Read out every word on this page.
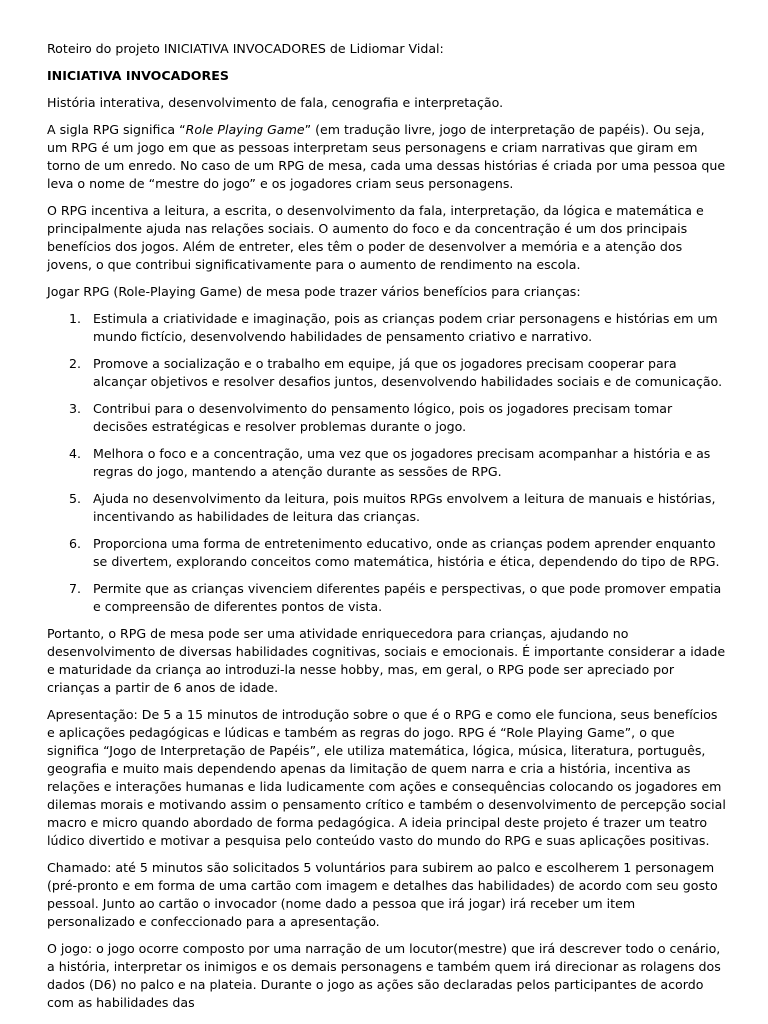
Roteiro do projeto INICIATIVA INVOCADORES de Lidiomar Vidal:

INICIATIVA INVOCADORES

História interativa, desenvolvimento de fala, cenografia e interpretação.

A sigla RPG significa “Role Playing Game” (em tradução livre, jogo de interpretação de papéis). Ou seja, um RPG é um jogo em que as pessoas interpretam seus personagens e criam narrativas que giram em torno de um enredo. No caso de um RPG de mesa, cada uma dessas histórias é criada por uma pessoa que leva o nome de “mestre do jogo” e os jogadores criam seus personagens.

O RPG incentiva a leitura, a escrita, o desenvolvimento da fala, interpretação, da lógica e matemática e principalmente ajuda nas relações sociais. O aumento do foco e da concentração é um dos principais benefícios dos jogos. Além de entreter, eles têm o poder de desenvolver a memória e a atenção dos jovens, o que contribui significativamente para o aumento de rendimento na escola.

Jogar RPG (Role-Playing Game) de mesa pode trazer vários benefícios para crianças:

1. Estimula a criatividade e imaginação, pois as crianças podem criar personagens e histórias em um mundo fictício, desenvolvendo habilidades de pensamento criativo e narrativo.
2. Promove a socialização e o trabalho em equipe, já que os jogadores precisam cooperar para alcançar objetivos e resolver desafios juntos, desenvolvendo habilidades sociais e de comunicação.
3. Contribui para o desenvolvimento do pensamento lógico, pois os jogadores precisam tomar decisões estratégicas e resolver problemas durante o jogo.
4. Melhora o foco e a concentração, uma vez que os jogadores precisam acompanhar a história e as regras do jogo, mantendo a atenção durante as sessões de RPG.
5. Ajuda no desenvolvimento da leitura, pois muitos RPGs envolvem a leitura de manuais e histórias, incentivando as habilidades de leitura das crianças.
6. Proporciona uma forma de entretenimento educativo, onde as crianças podem aprender enquanto se divertem, explorando conceitos como matemática, história e ética, dependendo do tipo de RPG.
7. Permite que as crianças vivenciem diferentes papéis e perspectivas, o que pode promover empatia e compreensão de diferentes pontos de vista.

Portanto, o RPG de mesa pode ser uma atividade enriquecedora para crianças, ajudando no desenvolvimento de diversas habilidades cognitivas, sociais e emocionais. É importante considerar a idade e maturidade da criança ao introduzi-la nesse hobby, mas, em geral, o RPG pode ser apreciado por crianças a partir de 6 anos de idade.

Apresentação: De 5 a 15 minutos de introdução sobre o que é o RPG e como ele funciona, seus benefícios e aplicações pedagógicas e lúdicas e também as regras do jogo. RPG é “Role Playing Game”, o que significa “Jogo de Interpretação de Papéis”, ele utiliza matemática, lógica, música, literatura, português, geografia e muito mais dependendo apenas da limitação de quem narra e cria a história, incentiva as relações e interações humanas e lida ludicamente com ações e consequências colocando os jogadores em dilemas morais e motivando assim o pensamento crítico e também o desenvolvimento de percepção social macro e micro quando abordado de forma pedagógica. A ideia principal deste projeto é trazer um teatro lúdico divertido e motivar a pesquisa pelo conteúdo vasto do mundo do RPG e suas aplicações positivas.

Chamado: até 5 minutos são solicitados 5 voluntários para subirem ao palco e escolherem 1 personagem (pré-pronto e em forma de uma cartão com imagem e detalhes das habilidades) de acordo com seu gosto pessoal. Junto ao cartão o invocador (nome dado a pessoa que irá jogar) irá receber um item personalizado e confeccionado para a apresentação.

O jogo: o jogo ocorre composto por uma narração de um locutor(mestre) que irá descrever todo o cenário, a história, interpretar os inimigos e os demais personagens e também quem irá direcionar as rolagens dos dados (D6) no palco e na plateia. Durante o jogo as ações são declaradas pelos participantes de acordo com as habilidades das
